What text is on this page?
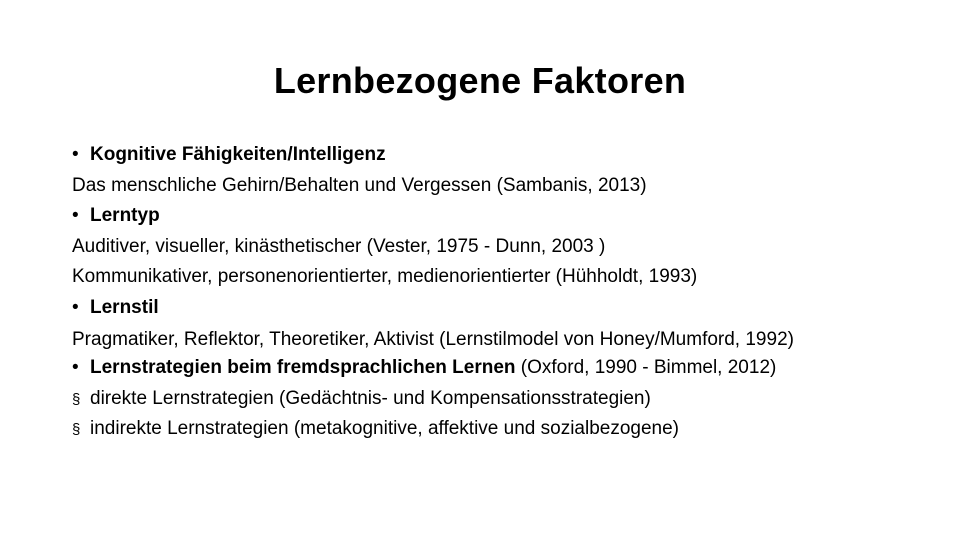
Lernbezogene Faktoren
• Kognitive Fähigkeiten/Intelligenz
Das menschliche Gehirn/Behalten und Vergessen (Sambanis, 2013)
• Lerntyp
Auditiver, visueller, kinästhetischer (Vester, 1975 - Dunn, 2003 )
Kommunikativer, personenorientierter, medienorientierter (Hühholdt, 1993)
• Lernstil
Pragmatiker, Reflektor, Theoretiker, Aktivist (Lernstilmodel von Honey/Mumford, 1992)
• Lernstrategien beim fremdsprachlichen Lernen (Oxford, 1990 - Bimmel, 2012)
§ direkte Lernstrategien (Gedächtnis- und Kompensationsstrategien)
§ indirekte Lernstrategien (metakognitive, affektive und sozialbezogene)
